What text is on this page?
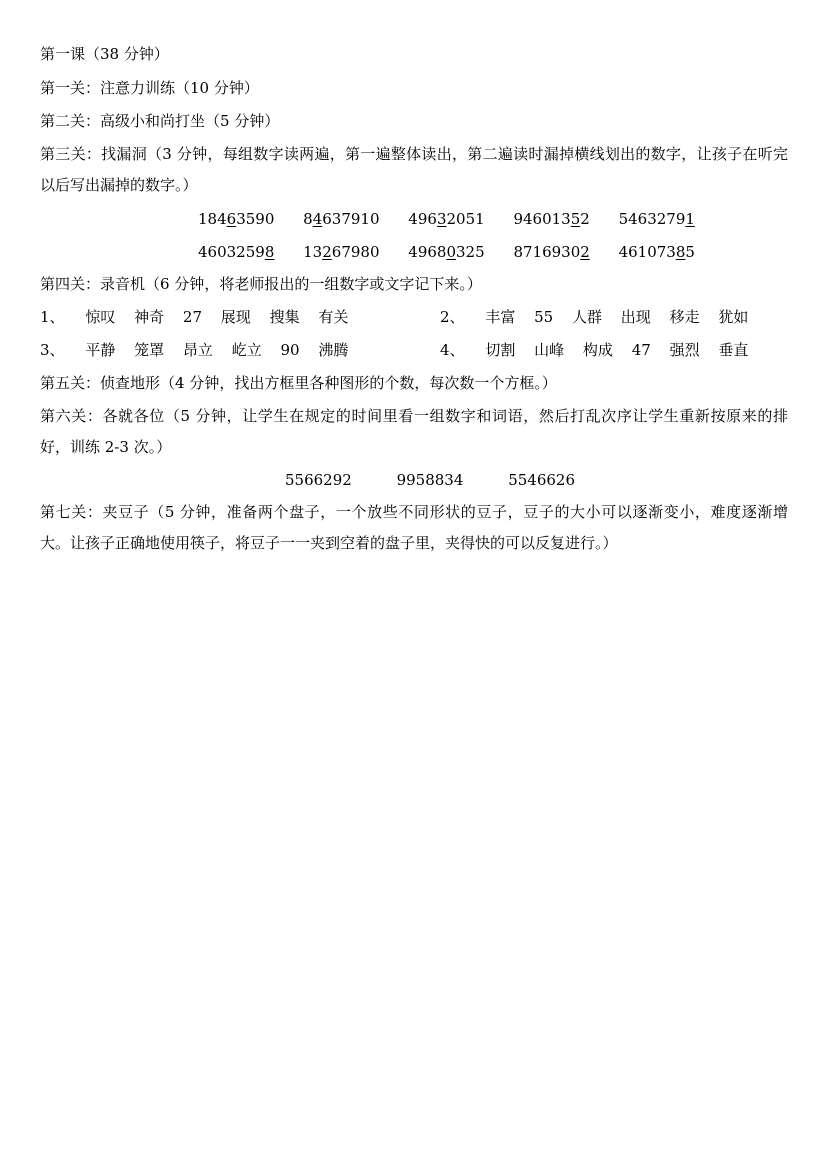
第一课（38 分钟）
第一关：注意力训练（10 分钟）
第二关：高级小和尚打坐（5 分钟）
第三关：找漏洞（3 分钟，每组数字读两遍，第一遍整体读出，第二遍读时漏掉横线划出的数字，让孩子在听完以后写出漏掉的数字。）
18463590 84637910 49632051 94601352 54632791
46032598 13267980 49680325 87169302 46107385
第四关：录音机（6 分钟，将老师报出的一组数字或文字记下来。）
1、 惊叹 神奇 27 展现 搜集 有关	2、 丰富 55 人群 出现 移走 犹如
3、 平静 笼罩 昂立 屹立 90 沸腾	4、 切割 山峰 构成 47 强烈 垂直
第五关：侦查地形（4 分钟，找出方框里各种图形的个数，每次数一个方框。）
第六关：各就各位（5 分钟，让学生在规定的时间里看一组数字和词语，然后打乱次序让学生重新按原来的排好，训练 2-3 次。）
5566292	9958834	5546626
第七关：夹豆子（5 分钟，准备两个盘子，一个放些不同形状的豆子，豆子的大小可以逐渐变小，难度逐渐增大。让孩子正确地使用筷子，将豆子一一夹到空着的盘子里，夹得快的可以反复进行。）
